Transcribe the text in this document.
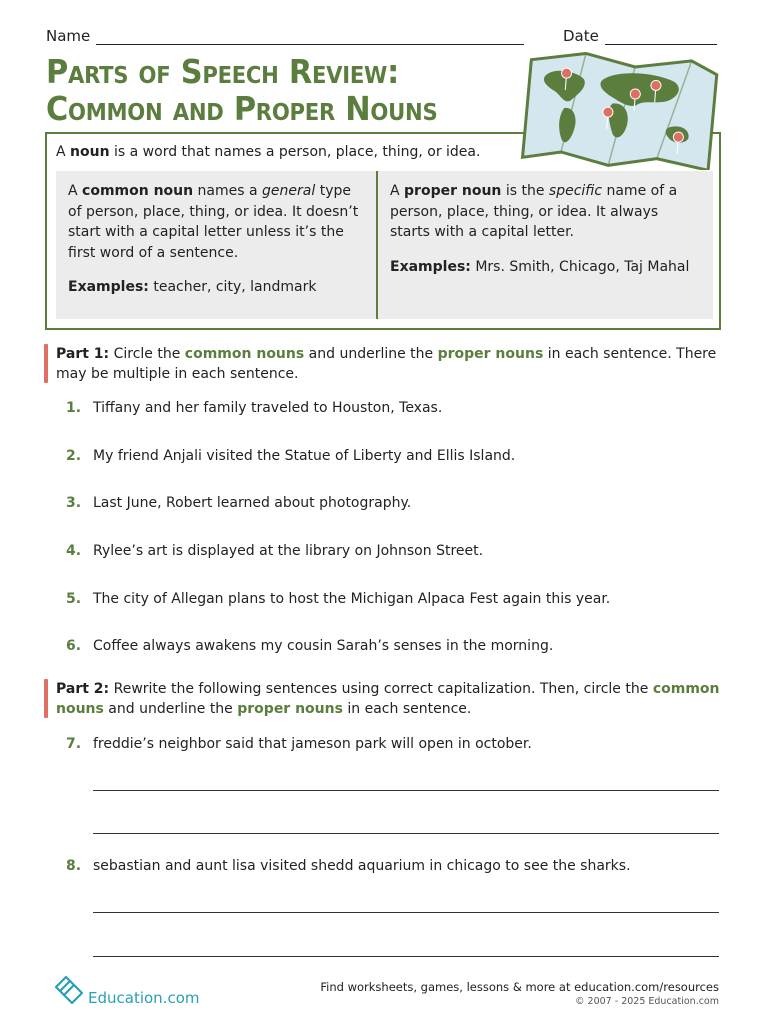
Name	Date
Parts of Speech Review:
Common and Proper Nouns
A noun is a word that names a person, place, thing, or idea.
A common noun names a general type of person, place, thing, or idea. It doesn’t start with a capital letter unless it’s the first word of a sentence.
Examples: teacher, city, landmark
A proper noun is the specific name of a person, place, thing, or idea. It always starts with a capital letter.
Examples: Mrs. Smith, Chicago, Taj Mahal
Part 1: Circle the common nouns and underline the proper nouns in each sentence. There may be multiple in each sentence.
1. Tiffany and her family traveled to Houston, Texas.
2. My friend Anjali visited the Statue of Liberty and Ellis Island.
3. Last June, Robert learned about photography.
4. Rylee’s art is displayed at the library on Johnson Street.
5. The city of Allegan plans to host the Michigan Alpaca Fest again this year.
6. Coffee always awakens my cousin Sarah’s senses in the morning.
Part 2: Rewrite the following sentences using correct capitalization. Then, circle the common nouns and underline the proper nouns in each sentence.
7. freddie’s neighbor said that jameson park will open in october.
8. sebastian and aunt lisa visited shedd aquarium in chicago to see the sharks.
Education.com
Find worksheets, games, lessons & more at education.com/resources
© 2007 - 2025 Education.com
